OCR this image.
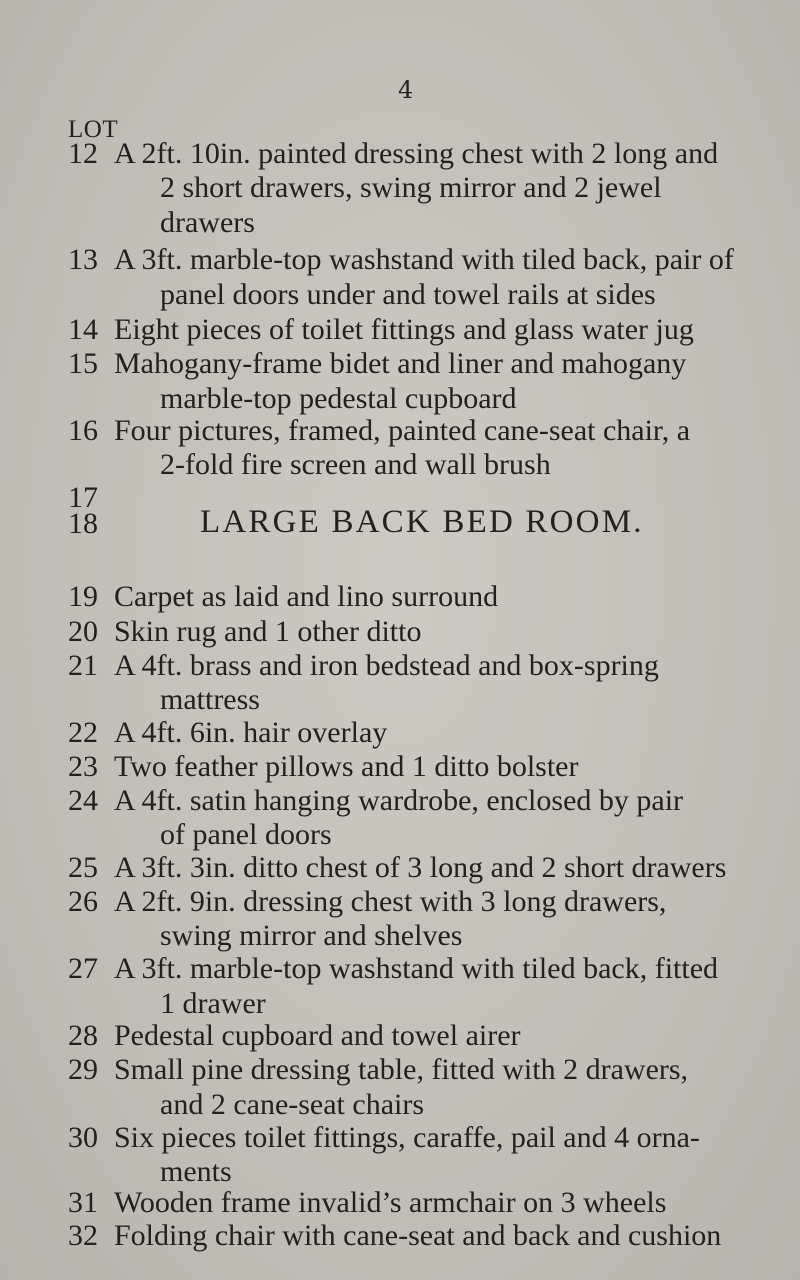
4
LOT
12 A 2ft. 10in. painted dressing chest with 2 long and
2 short drawers, swing mirror and 2 jewel
drawers
13 A 3ft. marble-top washstand with tiled back, pair of
panel doors under and towel rails at sides
14 Eight pieces of toilet fittings and glass water jug
15 Mahogany-frame bidet and liner and mahogany
marble-top pedestal cupboard
16 Four pictures, framed, painted cane-seat chair, a
2-fold fire screen and wall brush
17
18	LARGE BACK BED ROOM.
19 Carpet as laid and lino surround
20 Skin rug and 1 other ditto
21 A 4ft. brass and iron bedstead and box-spring
mattress
22 A 4ft. 6in. hair overlay
23 Two feather pillows and 1 ditto bolster
24 A 4ft. satin hanging wardrobe, enclosed by pair
of panel doors
25 A 3ft. 3in. ditto chest of 3 long and 2 short drawers
26 A 2ft. 9in. dressing chest with 3 long drawers,
swing mirror and shelves
27 A 3ft. marble-top washstand with tiled back, fitted
1 drawer
28 Pedestal cupboard and towel airer
29 Small pine dressing table, fitted with 2 drawers,
and 2 cane-seat chairs
30 Six pieces toilet fittings, caraffe, pail and 4 orna-
ments
31 Wooden frame invalid’s armchair on 3 wheels
32 Folding chair with cane-seat and back and cushion
